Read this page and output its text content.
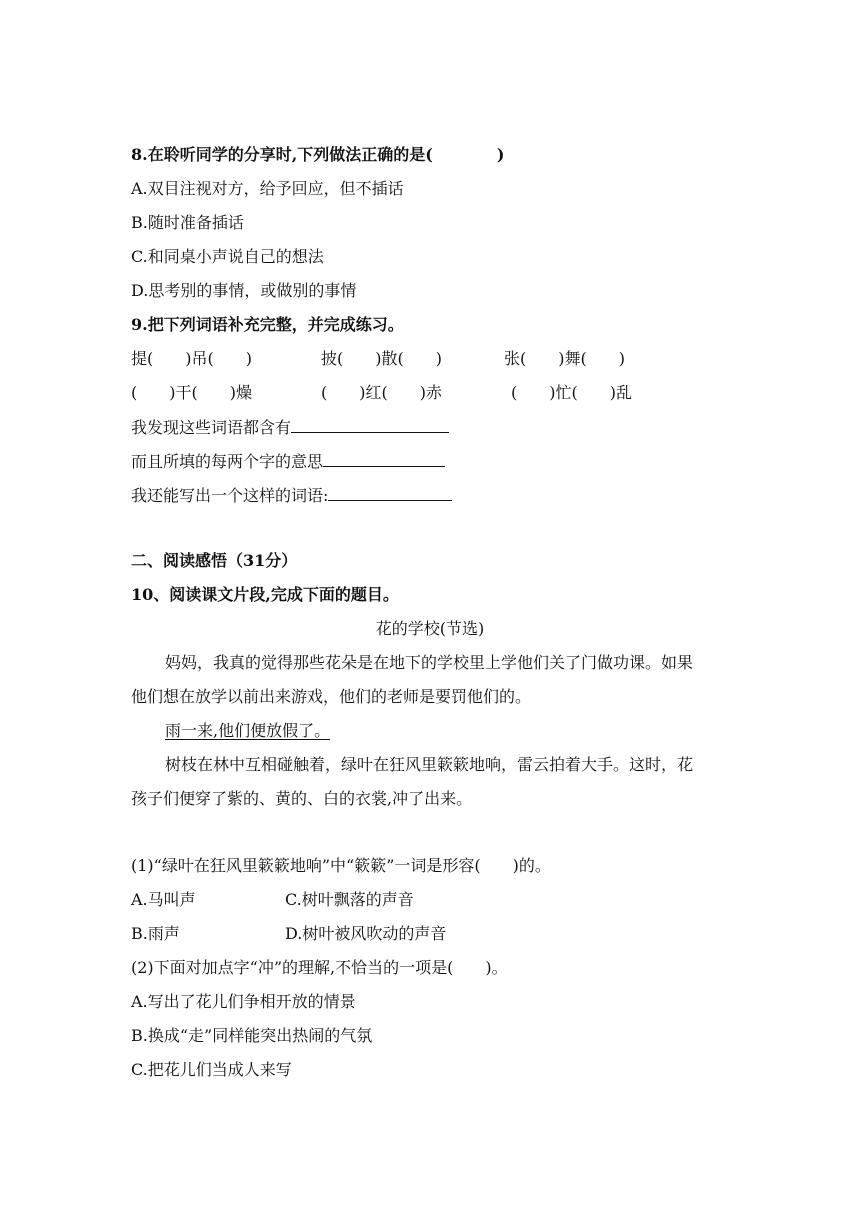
8.在聆听同学的分享时,下列做法正确的是(　　　　)
A.双目注视对方，给予回应，但不插话
B.随时准备插话
C.和同桌小声说自己的想法
D.思考别的事情，或做别的事情
9.把下列词语补充完整，并完成练习。
提(　　)吊(　　)	披(　　)散(　　)	张(　　)舞(　　)
(　　)干(　　)燥	(　　)红(　　)赤	(　　)忙(　　)乱
我发现这些词语都含有
而且所填的每两个字的意思
我还能写出一个这样的词语:
二、阅读感悟（31分）
10、阅读课文片段,完成下面的题目。
花的学校(节选)
妈妈，我真的觉得那些花朵是在地下的学校里上学他们关了门做功课。如果
他们想在放学以前出来游戏，他们的老师是要罚他们的。
雨一来,他们便放假了。
树枝在林中互相碰触着，绿叶在狂风里簌簌地响，雷云拍着大手。这时，花
孩子们便穿了紫的、黄的、白的衣裳,冲了出来。
(1)“绿叶在狂风里簌簌地响”中“簌簌”一词是形容(　　)的。
A.马叫声	C.树叶飘落的声音
B.雨声	D.树叶被风吹动的声音
(2)下面对加点字“冲”的理解,不恰当的一项是(　　)。
A.写出了花儿们争相开放的情景
B.换成“走”同样能突出热闹的气氛
C.把花儿们当成人来写
